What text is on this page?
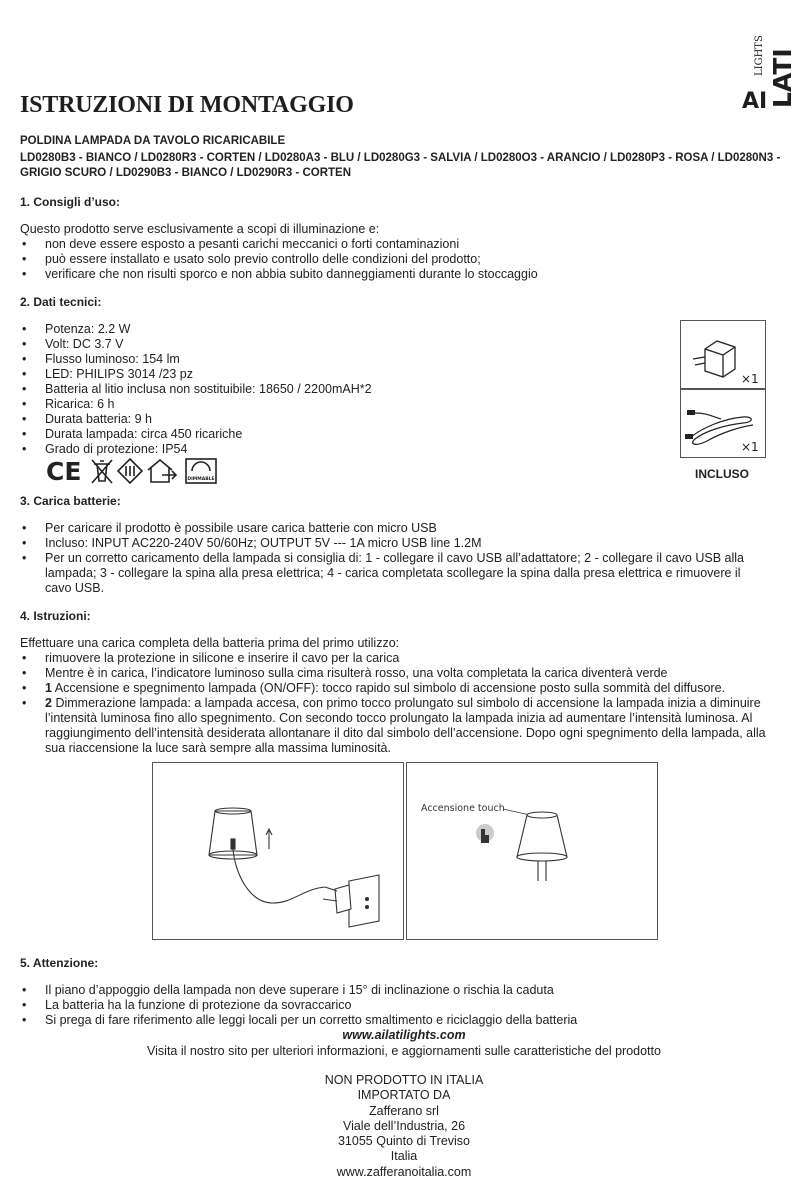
AI LATI
LIGHTS
ISTRUZIONI DI MONTAGGIO

POLDINA LAMPADA DA TAVOLO RICARICABILE

LD0280B3 - BIANCO / LD0280R3 - CORTEN / LD0280A3 - BLU / LD0280G3 - SALVIA / LD0280O3 - ARANCIO / LD0280P3 - ROSA / LD0280N3 - GRIGIO SCURO / LD0290B3 - BIANCO / LD0290R3 - CORTEN

1. Consigli d’uso:

Questo prodotto serve esclusivamente a scopi di illuminazione e:

• non deve essere esposto a pesanti carichi meccanici o forti contaminazioni
• può essere installato e usato solo previo controllo delle condizioni del prodotto;
• verificare che non risulti sporco e non abbia subito danneggiamenti durante lo stoccaggio

2. Dati tecnici:

• Potenza: 2.2 W
• Volt: DC 3.7 V
• Flusso luminoso: 154 lm
• LED: PHILIPS 3014 /23 pz
• Batteria al litio inclusa non sostituibile: 18650 / 2200mAH*2
• Ricarica: 6 h
• Durata batteria: 9 h
• Durata lampada: circa 450 ricariche
• Grado di protezione: IP54
CE	DIMMABLE
×1
×1

INCLUSO

3. Carica batterie:

• Per caricare il prodotto è possibile usare carica batterie con micro USB
• Incluso: INPUT AC220-240V 50/60Hz; OUTPUT 5V --- 1A micro USB line 1.2M
• Per un corretto caricamento della lampada si consiglia di: 1 - collegare il cavo USB all’adattatore; 2 - collegare il cavo USB alla lampada; 3 - collegare la spina alla presa elettrica; 4 - carica completata scollegare la spina dalla presa elettrica e rimuovere il cavo USB.

4. Istruzioni:

Effettuare una carica completa della batteria prima del primo utilizzo:

• rimuovere la protezione in silicone e inserire il cavo per la carica
• Mentre è in carica, l’indicatore luminoso sulla cima risulterà rosso, una volta completata la carica diventerà verde
• 1 Accensione e spegnimento lampada (ON/OFF): tocco rapido sul simbolo di accensione posto sulla sommità del diffusore.
• 2 Dimmerazione lampada: a lampada accesa, con primo tocco prolungato sul simbolo di accensione la lampada inizia a diminuire l’intensità luminosa fino allo spegnimento. Con secondo tocco prolungato la lampada inizia ad aumentare l’intensità luminosa. Al raggiungimento dell’intensità desiderata allontanare il dito dal simbolo dell’accensione. Dopo ogni spegnimento della lampada, alla sua riaccensione la luce sarà sempre alla massima luminosità.
Accensione touch

5. Attenzione:

• Il piano d’appoggio della lampada non deve superare i 15° di inclinazione o rischia la caduta
• La batteria ha la funzione di protezione da sovraccarico
• Si prega di fare riferimento alle leggi locali per un corretto smaltimento e riciclaggio della batteria

www.ailatilights.com

Visita il nostro sito per ulteriori informazioni, e aggiornamenti sulle caratteristiche del prodotto

NON PRODOTTO IN ITALIA
IMPORTATO DA
Zafferano srl
Viale dell’Industria, 26
31055 Quinto di Treviso
Italia
www.zafferanoitalia.com
